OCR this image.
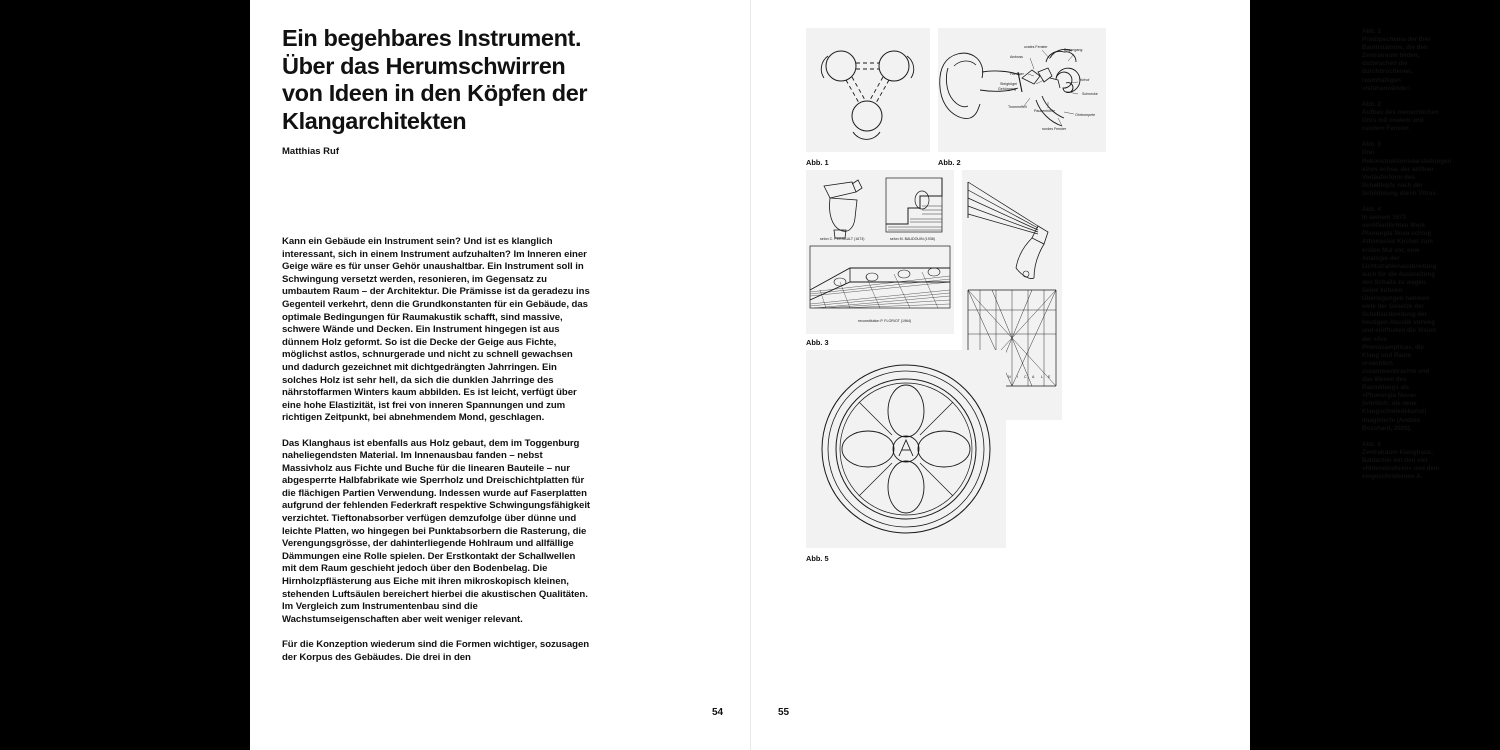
Ein begehbares Instrument.
Über das Herumschwirren
von Ideen in den Köpfen der
Klangarchitekten
Matthias Ruf

Kann ein Gebäude ein Instrument sein? Und ist es klanglich interessant, sich in einem Instrument aufzuhalten? Im Inneren einer Geige wäre es für unser Gehör unaushaltbar. Ein Instrument soll in Schwingung versetzt werden, resonieren, im Gegensatz zu umbautem Raum – der Architektur. Die Prämisse ist da geradezu ins Gegenteil verkehrt, denn die Grundkonstanten für ein Gebäude, das optimale Bedingungen für Raumakustik schafft, sind massive, schwere Wände und Decken. Ein Instrument hingegen ist aus dünnem Holz geformt. So ist die Decke der Geige aus Fichte, möglichst astlos, schnurgerade und nicht zu schnell gewachsen und dadurch gezeichnet mit dichtgedrängten Jahrringen. Ein solches Holz ist sehr hell, da sich die dunklen Jahrringe des nährstoffarmen Winters kaum abbilden. Es ist leicht, verfügt über eine hohe Elastizität, ist frei von inneren Spannungen und zum richtigen Zeitpunkt, bei abnehmendem Mond, geschlagen.

Das Klanghaus ist ebenfalls aus Holz gebaut, dem im Toggenburg naheliegendsten Material. Im Innenausbau fanden – nebst Massivholz aus Fichte und Buche für die linearen Bauteile – nur abgesperrte Halbfabrikate wie Sperrholz und Dreischichtplatten für die flächigen Partien Verwendung. Indessen wurde auf Faserplatten aufgrund der fehlenden Federkraft respektive Schwingungsfähigkeit verzichtet. Tieftonabsorber verfügen demzufolge über dünne und leichte Platten, wo hingegen bei Punktabsorbern die Rasterung, die Verengungsgrösse, der dahinterliegende Hohlraum und allfällige Dämmungen eine Rolle spielen. Der Erstkontakt der Schallwellen mit dem Raum geschieht jedoch über den Bodenbelag. Die Hirnholzpflästerung aus Eiche mit ihren mikroskopisch kleinen, stehenden Luftsäulen bereichert hierbei die akustischen Qualitäten. Im Vergleich zum Instrumentenbau sind die Wachstumseigenschaften aber weit weniger relevant.

Für die Konzeption wiederum sind die Formen wichtiger, sozusagen der Korpus des Gebäudes. Die drei in den

54
Abb. 1
ovales Fenster
Amboss
Bogengang
Hammer
Steigbügel
Gehörgang
Vorhof
Schnecke
Trommelfell
Paukenhöhle
Ohrtrompete
rundes Fenster
Abb. 2
selon C. PERRAULT (1673)	selon M. BAUDOUIN (1938)
reconstitution P. FLORIOT (1964)
Abb. 3
N I C A L E
Abb. 5
Abb. 1
Prinzipschema der drei Baumstämme, die den Zentralraum bilden, dazwischen die durchbrochenen, raumhaltigen «Isfahanwände».
Abb. 2
Aufbau des menschlichen Ohrs mit ovalem und rundem Fenster.
Abb. 3
Drei Rekonstruktionsdarstellungen eines echea, der antiken Vorläuferform des Schalltopfs nach der Schilderung durch Vitruv.
Abb. 4
In seinem 1673 veröffentlichten Werk Phonurgia Nova schlug Athanasius Kircher zum ersten Mal vor, eine Analogie der Lichtstrahlenausbreitung auch für die Ausbreitung des Schalls zu wagen. Seine kühnen Überlegungen nahmen viele der Gesetze der Schallausbreitung der heutigen Akustik vorweg und eröffneten die Vision der «Ars Phonocamptica», die Klang und Raum ursächlich zusammenbrachte und das Wesen des Raumklangs als «Phonurgia Nova» (wörtlich: die neue Klangschmiedekunst) imaginierte (Andres Bosshard, 2025).
Abb. 5
Zentralraum Klanghaus, Baldachin mit den vier «Himmelsohren» und dem eingeschriebenen A.
55
